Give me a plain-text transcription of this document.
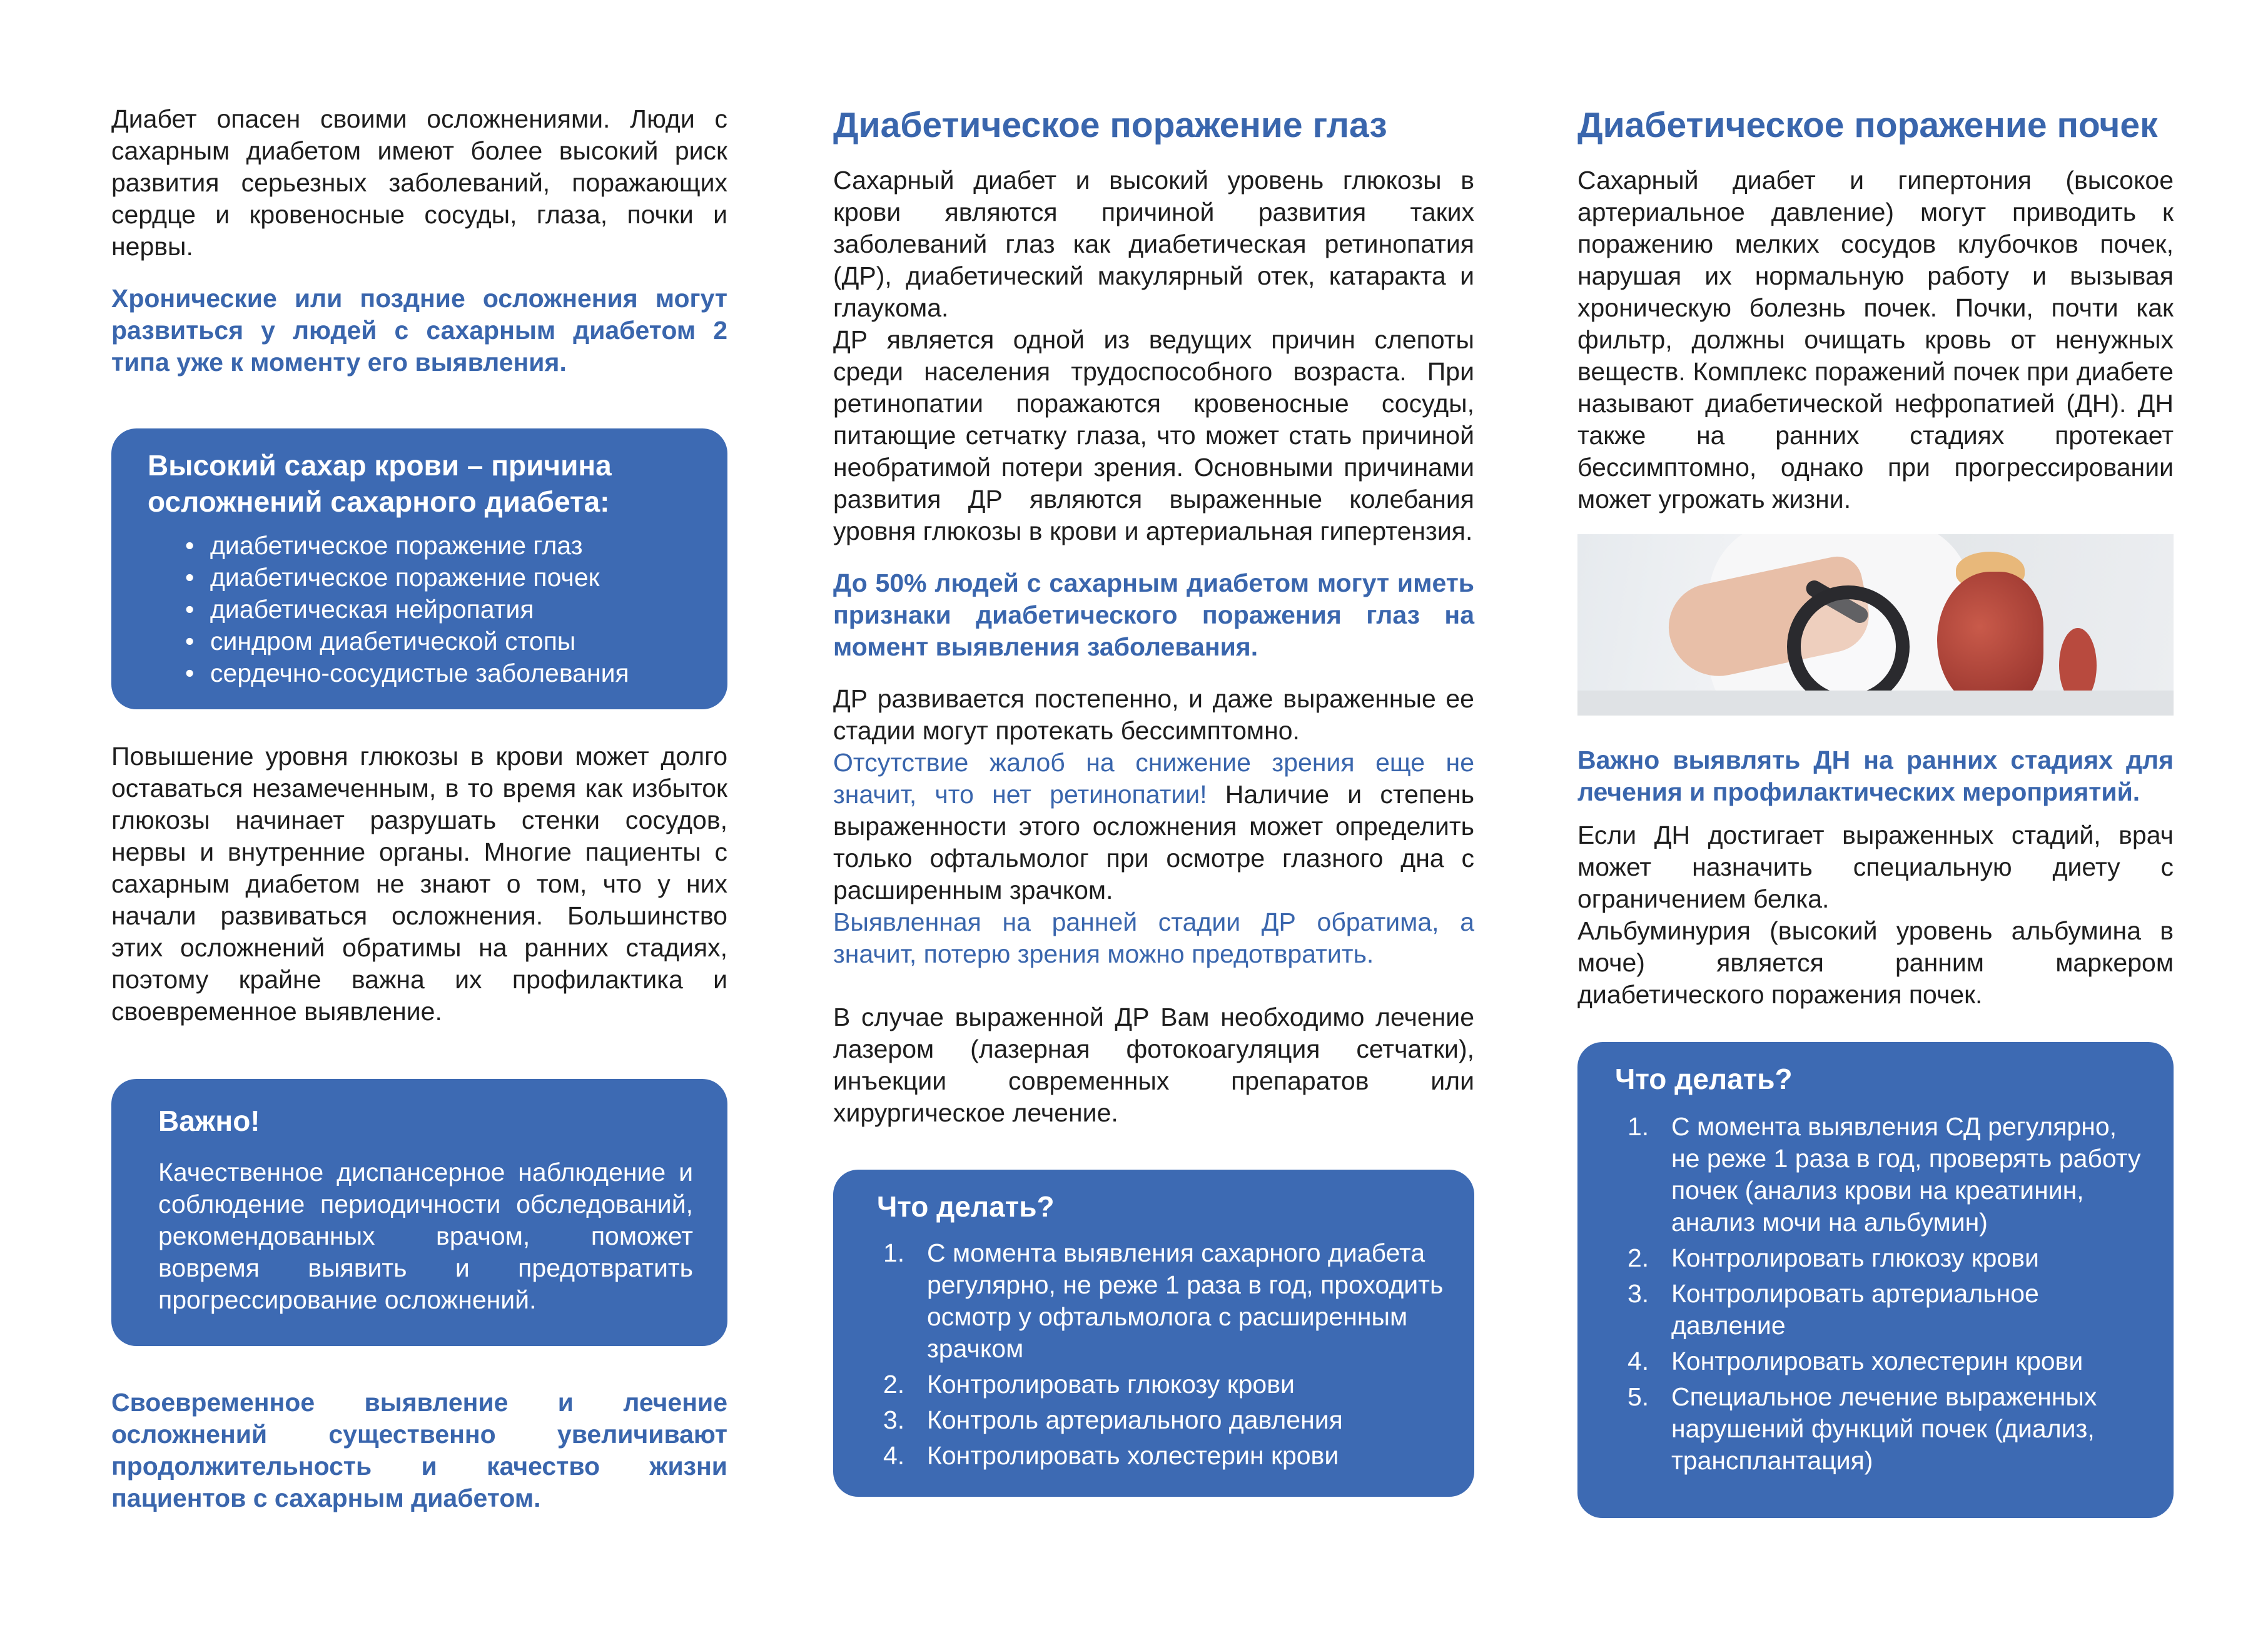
Диабет опасен своими осложнениями. Люди с сахарным диабетом имеют более высокий риск развития серьезных заболеваний, поражающих сердце и кровеносные сосуды, глаза, почки и нервы.

Хронические или поздние осложнения могут развиться у людей с сахарным диабетом 2 типа уже к моменту его выявления.

Высокий сахар крови – причина осложнений сахарного диабета:
• диабетическое поражение глаз
• диабетическое поражение почек
• диабетическая нейропатия
• синдром диабетической стопы
• сердечно-сосудистые заболевания

Повышение уровня глюкозы в крови может долго оставаться незамеченным, в то время как избыток глюкозы начинает разрушать стенки сосудов, нервы и внутренние органы. Многие пациенты с сахарным диабетом не знают о том, что у них начали развиваться осложнения. Большинство этих осложнений обратимы на ранних стадиях, поэтому крайне важна их профилактика и своевременное выявление.

Важно!
Качественное диспансерное наблюдение и соблюдение периодичности обследований, рекомендованных врачом, поможет вовремя выявить и предотвратить прогрессирование осложнений.

Своевременное выявление и лечение осложнений существенно увеличивают продолжительность и качество жизни пациентов с сахарным диабетом.

Диабетическое поражение глаз

Сахарный диабет и высокий уровень глюкозы в крови являются причиной развития таких заболеваний глаз как диабетическая ретинопатия (ДР), диабетический макулярный отек, катаракта и глаукома.

ДР является одной из ведущих причин слепоты среди населения трудоспособного возраста. При ретинопатии поражаются кровеносные сосуды, питающие сетчатку глаза, что может стать причиной необратимой потери зрения. Основными причинами развития ДР являются выраженные колебания уровня глюкозы в крови и артериальная гипертензия.

До 50% людей с сахарным диабетом могут иметь признаки диабетического поражения глаз на момент выявления заболевания.

ДР развивается постепенно, и даже выраженные ее стадии могут протекать бессимптомно.

Отсутствие жалоб на снижение зрения еще не значит, что нет ретинопатии! Наличие и степень выраженности этого осложнения может определить только офтальмолог при осмотре глазного дна с расширенным зрачком.

Выявленная на ранней стадии ДР обратима, а значит, потерю зрения можно предотвратить.

В случае выраженной ДР Вам необходимо лечение лазером (лазерная фотокоагуляция сетчатки), инъекции современных препаратов или хирургическое лечение.

Что делать?
1. С момента выявления сахарного диабета регулярно, не реже 1 раза в год, проходить осмотр у офтальмолога с расширенным зрачком
2. Контролировать глюкозу крови
3. Контроль артериального давления
4. Контролировать холестерин крови
Диабетическое поражение почек

Сахарный диабет и гипертония (высокое артериальное давление) могут приводить к поражению мелких сосудов клубочков почек, нарушая их нормальную работу и вызывая хроническую болезнь почек. Почки, почти как фильтр, должны очищать кровь от ненужных веществ. Комплекс поражений почек при диабете называют диабетической нефропатией (ДН). ДН также на ранних стадиях протекает бессимптомно, однако при прогрессировании может угрожать жизни.

Важно выявлять ДН на ранних стадиях для лечения и профилактических мероприятий.

Если ДН достигает выраженных стадий, врач может назначить специальную диету с ограничением белка.

Альбуминурия (высокий уровень альбумина в моче) является ранним маркером диабетического поражения почек.

Что делать?
1. С момента выявления СД регулярно, не реже 1 раза в год, проверять работу почек (анализ крови на креатинин, анализ мочи на альбумин)
2. Контролировать глюкозу крови
3. Контролировать артериальное давление
4. Контролировать холестерин крови
5. Специальное лечение выраженных нарушений функций почек (диализ, трансплантация)
